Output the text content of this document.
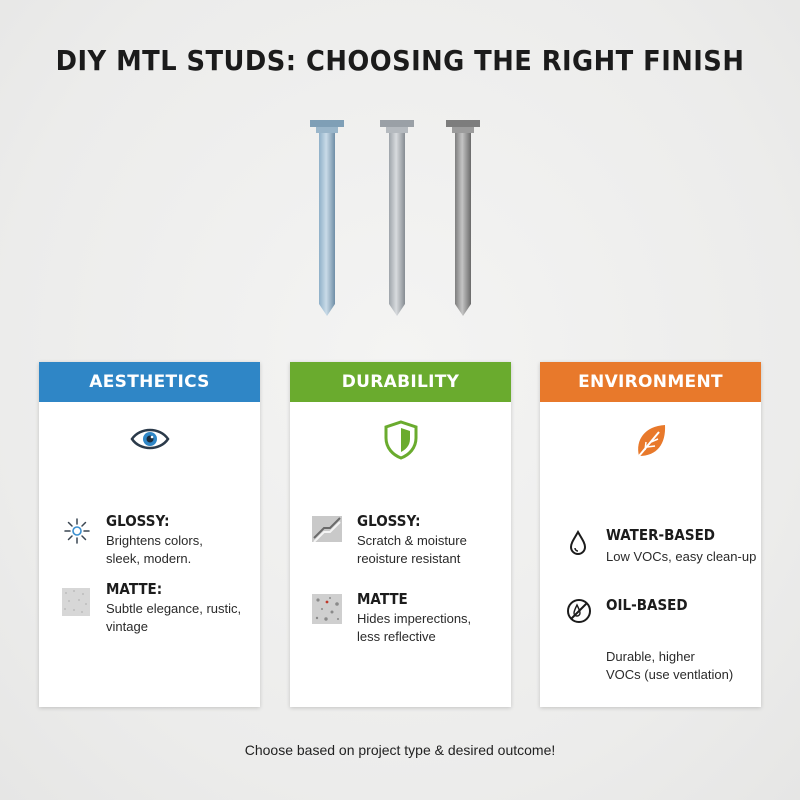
DIY MTL STUDS: CHOOSING THE RIGHT FINISH
AESTHETICS
GLOSSY:
Brightens colors,
sleek, modern.
MATTE:
Subtle elegance, rustic,
vintage
DURABILITY
GLOSSY:
Scratch & moisture
reoisture resistant
MATTE
Hides imperections,
less reflective
ENVIRONMENT
WATER-BASED
Low VOCs, easy clean-up
OIL-BASED
Durable, higher
VOCs (use ventlation)
Choose based on project type & desired outcome!
